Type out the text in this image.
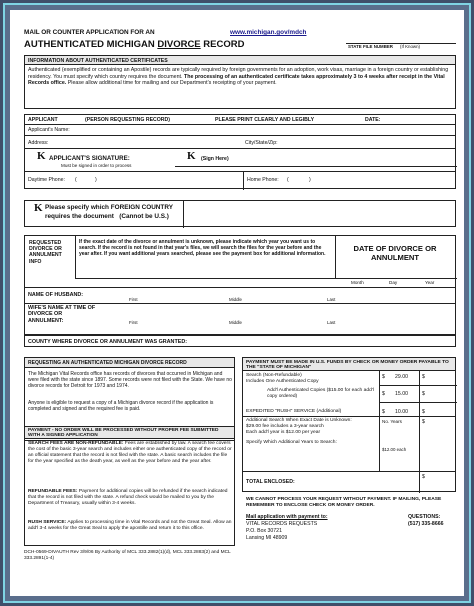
MAIL OR COUNTER APPLICATION FOR AN	www.michigan.gov/mdch
AUTHENTICATED MICHIGAN DIVORCE RECORD	STATE FILE NUMBER (If Known)
INFORMATION ABOUT AUTHENTICATED CERTIFICATES
Authenticated (exemplified or containing an Apostile) records are typically required by foreign governments for an adoption, work visas, marriage in a foreign country or establishing residency. You must specify which country requires the document. The processing of an authenticated certificate takes approximately 3 to 4 weeks after receipt in the Vital Records office. Please allow additional time for mailing and our Department's receipting of your payment.
APPLICANT	(PERSON REQUESTING RECORD)	PLEASE PRINT CLEARLY AND LEGIBLY	DATE:
Applicant's Name:
Address:	City/State/Zip:
K APPLICANT'S SIGNATURE:
Must be signed in order to process
K (Sign Here)
Daytime Phone: (	)	Home Phone: (	)
K Please specify which FOREIGN COUNTRY
requires the document (Cannot be U.S.)
REQUESTED DIVORCE OR ANNULMENT INFO
If the exact date of the divorce or annulment is unknown, please indicate which year you want us to search. If the record is not found in that year's files, we will search the files for the year before and the year after. If you want additional years searched, please see the payment box for additional information.
DATE OF DIVORCE OR ANNULMENT
Month	Day	Year
NAME OF HUSBAND:
First	Middle	Last
WIFE'S NAME AT TIME OF DIVORCE OR ANNULMENT:	First	Middle	Last
COUNTY WHERE DIVORCE OR ANNULMENT WAS GRANTED:
REQUESTING AN AUTHENTICATED MICHIGAN DIVORCE RECORD
The Michigan Vital Records office has records of divorces that occurred in Michigan and were filed with the state since 1897. Some records were not filed with the State. We have no divorce records for Detroit for 1973 and 1974.
Anyone is eligible to request a copy of a Michigan divorce record if the application is completed and signed and the required fee is paid.
PAYMENT - NO ORDER WILL BE PROCESSED WITHOUT PROPER FEE SUBMITTED WITH A SIGNED APPLICATION
SEARCH FEES ARE NON-REFUNDABLE: Fees are established by law. A search fee covers the cost of the basic 3-year search and includes either one authenticated copy of the record or an official statement that the record is not filed with the state. A basic search includes the file for the year specified as the death year, as well as the year before and the year after.
REFUNDABLE FEES: Payment for additional copies will be refunded if the search indicated that the record is not filed with the state. A refund check would be mailed to you by the Department of Treasury, usually within 3-4 weeks.
RUSH SERVICE: Applies to processing time in Vital Records and not the Great Seal. Allow an add'l 3-4 weeks for the Great Seal to apply the apostille and return it to this office.
DCH-0569-DIVAUTH Rev 3/9/06 By Authority of MCL 333.2882(1)(d), MCL 333.2883(2) and MCL 333.2891(1-4)
PAYMENT MUST BE MADE IN U.S. FUNDS BY CHECK OR MONEY ORDER PAYABLE TO THE "STATE OF MICHIGAN"
Search (Non-Refundable)
Includes One Authenticated Copy
$ 29.00	$
Add'l Authenticated Copies ($15.00 for each add'l copy ordered)	$ 15.00	$
EXPEDITED "RUSH" SERVICE (Additional)	$ 10.00	$
Additional Search When Exact Date is Unknown:
$29.00 fee includes a 3-year search
Each add'l year is $12.00 per year
Specify Which Additional Years to Search:
No. Years
$12.00 each
$
TOTAL ENCLOSED:
$
WE CANNOT PROCESS YOUR REQUEST WITHOUT PAYMENT. IF MAILING, PLEASE REMEMBER TO ENCLOSE CHECK OR MONEY ORDER.
Mail application with payment to:
VITAL RECORDS REQUESTS
P.O. Box 30721
Lansing MI 48909
QUESTIONS:
(517) 335-8666
